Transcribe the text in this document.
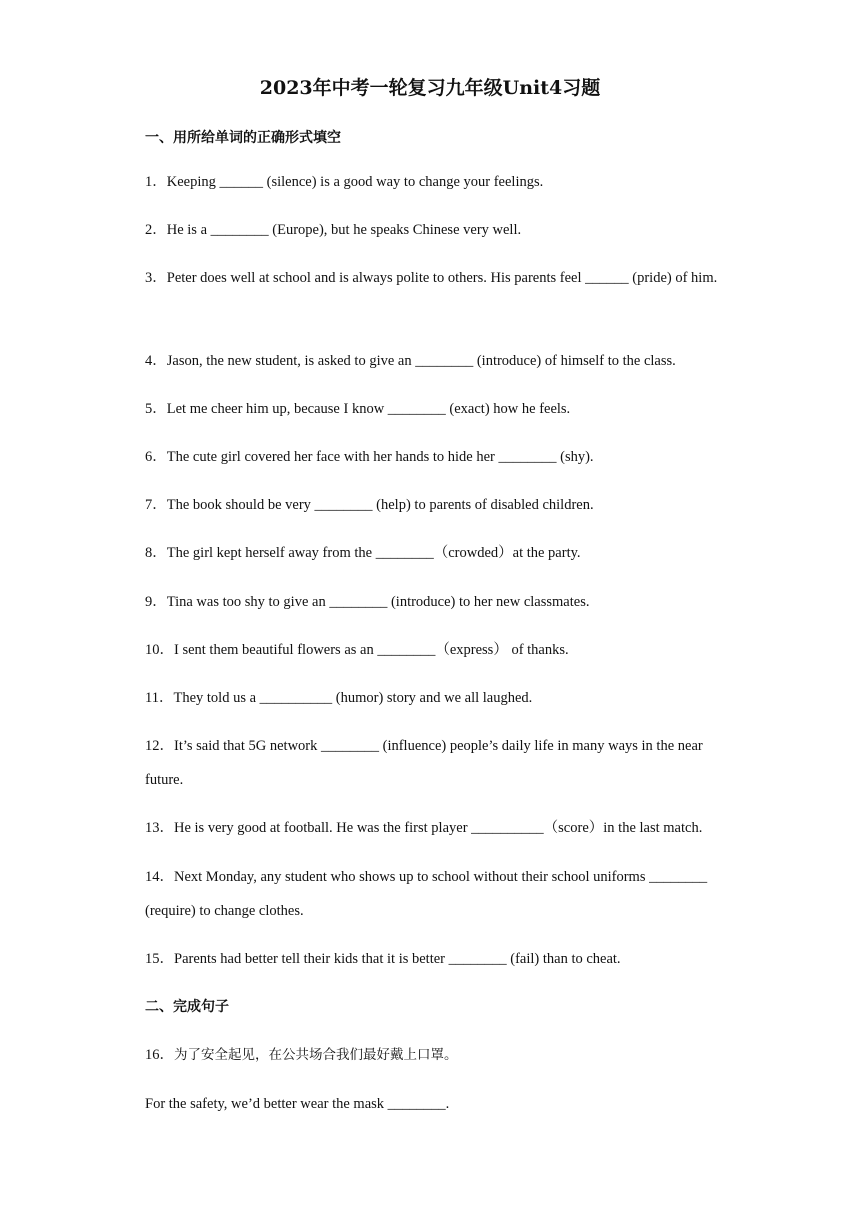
2023年中考一轮复习九年级Unit4习题

一、用所给单词的正确形式填空

1．Keeping ______ (silence) is a good way to change your feelings.

2．He is a ________ (Europe), but he speaks Chinese very well.

3．Peter does well at school and is always polite to others. His parents feel ______ (pride) of him.

4．Jason, the new student, is asked to give an ________ (introduce) of himself to the class.

5．Let me cheer him up, because I know ________ (exact) how he feels.

6．The cute girl covered her face with her hands to hide her ________ (shy).

7．The book should be very ________ (help) to parents of disabled children.

8．The girl kept herself away from the ________（crowded）at the party.

9．Tina was too shy to give an ________ (introduce) to her new classmates.

10．I sent them beautiful flowers as an ________（express） of thanks.

11．They told us a __________ (humor) story and we all laughed.

12．It’s said that 5G network ________ (influence) people’s daily life in many ways in the near future.

13．He is very good at football. He was the first player __________（score）in the last match.

14．Next Monday, any student who shows up to school without their school uniforms ________ (require) to change clothes.

15．Parents had better tell their kids that it is better ________ (fail) than to cheat.

二、完成句子

16．为了安全起见，在公共场合我们最好戴上口罩。

For the safety, we’d better wear the mask ________.
